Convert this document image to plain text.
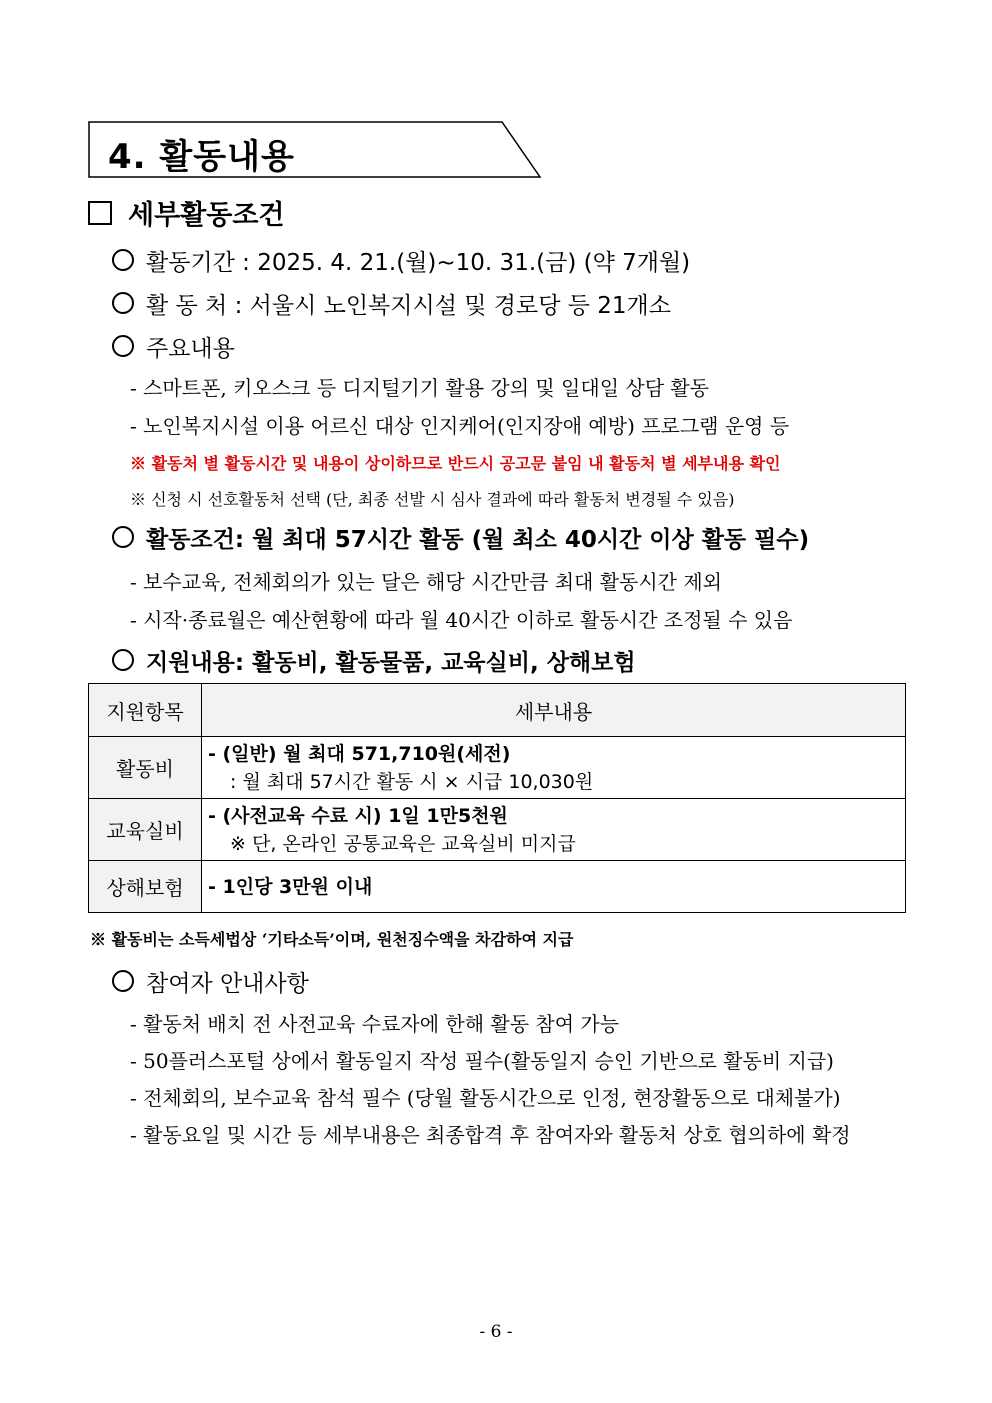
4. 활동내용
세부활동조건
활동기간 : 2025. 4. 21.(월)~10. 31.(금) (약 7개월)
활 동 처 : 서울시 노인복지시설 및 경로당 등 21개소
주요내용
- 스마트폰, 키오스크 등 디지털기기 활용 강의 및 일대일 상담 활동
- 노인복지시설 이용 어르신 대상 인지케어(인지장애 예방) 프로그램 운영 등
※ 활동처 별 활동시간 및 내용이 상이하므로 반드시 공고문 붙임 내 활동처 별 세부내용 확인
※ 신청 시 선호활동처 선택 (단, 최종 선발 시 심사 결과에 따라 활동처 변경될 수 있음)
활동조건: 월 최대 57시간 활동 (월 최소 40시간 이상 활동 필수)
- 보수교육, 전체회의가 있는 달은 해당 시간만큼 최대 활동시간 제외
- 시작·종료월은 예산현황에 따라 월 40시간 이하로 활동시간 조정될 수 있음
지원내용: 활동비, 활동물품, 교육실비, 상해보험
지원항목	세부내용
활동비	- (일반) 월 최대 571,710원(세전)
: 월 최대 57시간 활동 시 × 시급 10,030원

교육실비	- (사전교육 수료 시) 1일 1만5천원
※ 단, 온라인 공통교육은 교육실비 미지급

상해보험	- 1인당 3만원 이내
※ 활동비는 소득세법상 ‘기타소득’이며, 원천징수액을 차감하여 지급
참여자 안내사항
- 활동처 배치 전 사전교육 수료자에 한해 활동 참여 가능
- 50플러스포털 상에서 활동일지 작성 필수(활동일지 승인 기반으로 활동비 지급)
- 전체회의, 보수교육 참석 필수 (당월 활동시간으로 인정, 현장활동으로 대체불가)
- 활동요일 및 시간 등 세부내용은 최종합격 후 참여자와 활동처 상호 협의하에 확정
- 6 -
